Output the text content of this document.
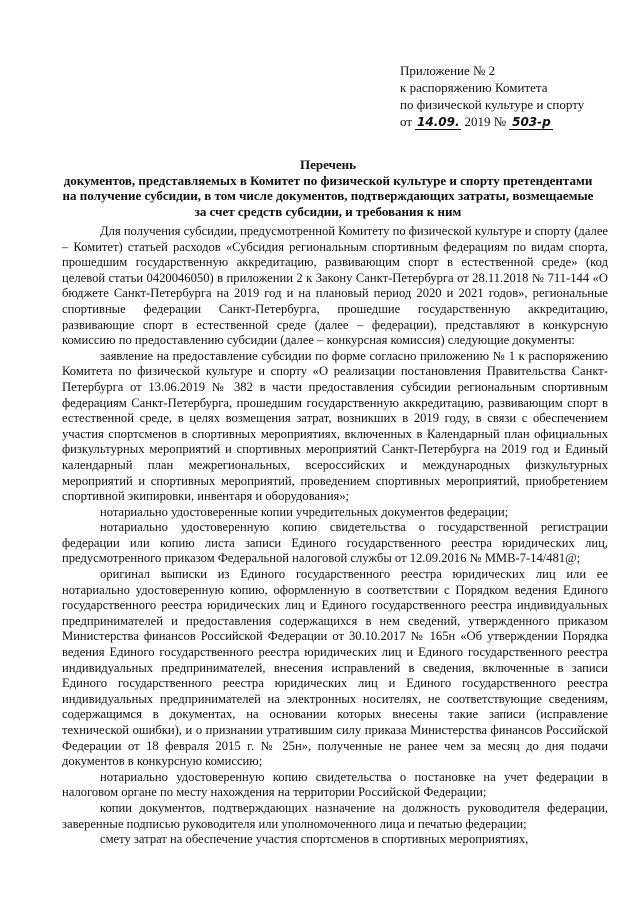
Приложение № 2
к распоряжению Комитета
по физической культуре и спорту
от 14.09. 2019 № 503-р
Перечень
документов, представляемых в Комитет по физической культуре и спорту претендентами
на получение субсидии, в том числе документов, подтверждающих затраты, возмещаемые
за счет средств субсидии, и требования к ним

Для получения субсидии, предусмотренной Комитету по физической культуре и спорту (далее – Комитет) статьей расходов «Субсидия региональным спортивным федерациям по видам спорта, прошедшим государственную аккредитацию, развивающим спорт в естественной среде» (код целевой статьи 0420046050) в приложении 2 к Закону Санкт-Петербурга от 28.11.2018 № 711-144 «О бюджете Санкт-Петербурга на 2019 год и на плановый период 2020 и 2021 годов», региональные спортивные федерации Санкт-Петербурга, прошедшие государственную аккредитацию, развивающие спорт в естественной среде (далее – федерации), представляют в конкурсную комиссию по предоставлению субсидии (далее – конкурсная комиссия) следующие документы:

заявление на предоставление субсидии по форме согласно приложению № 1 к распоряжению Комитета по физической культуре и спорту «О реализации постановления Правительства Санкт-Петербурга от 13.06.2019 № 382 в части предоставления субсидии региональным спортивным федерациям Санкт-Петербурга, прошедшим государственную аккредитацию, развивающим спорт в естественной среде, в целях возмещения затрат, возникших в 2019 году, в связи с обеспечением участия спортсменов в спортивных мероприятиях, включенных в Календарный план официальных физкультурных мероприятий и спортивных мероприятий Санкт-Петербурга на 2019 год и Единый календарный план межрегиональных, всероссийских и международных физкультурных мероприятий и спортивных мероприятий, проведением спортивных мероприятий, приобретением спортивной экипировки, инвентаря и оборудования»;

нотариально удостоверенные копии учредительных документов федерации;

нотариально удостоверенную копию свидетельства о государственной регистрации федерации или копию листа записи Единого государственного реестра юридических лиц, предусмотренного приказом Федеральной налоговой службы от 12.09.2016 № ММВ-7-14/481@;

оригинал выписки из Единого государственного реестра юридических лиц или ее нотариально удостоверенную копию, оформленную в соответствии с Порядком ведения Единого государственного реестра юридических лиц и Единого государственного реестра индивидуальных предпринимателей и предоставления содержащихся в нем сведений, утвержденного приказом Министерства финансов Российской Федерации от 30.10.2017 № 165н «Об утверждении Порядка ведения Единого государственного реестра юридических лиц и Единого государственного реестра индивидуальных предпринимателей, внесения исправлений в сведения, включенные в записи Единого государственного реестра юридических лиц и Единого государственного реестра индивидуальных предпринимателей на электронных носителях, не соответствующие сведениям, содержащимся в документах, на основании которых внесены такие записи (исправление технической ошибки), и о признании утратившим силу приказа Министерства финансов Российской Федерации от 18 февраля 2015 г. № 25н», полученные не ранее чем за месяц до дня подачи документов в конкурсную комиссию;

нотариально удостоверенную копию свидетельства о постановке на учет федерации в налоговом органе по месту нахождения на территории Российской Федерации;

копии документов, подтверждающих назначение на должность руководителя федерации, заверенные подписью руководителя или уполномоченного лица и печатью федерации;

смету затрат на обеспечение участия спортсменов в спортивных мероприятиях,
